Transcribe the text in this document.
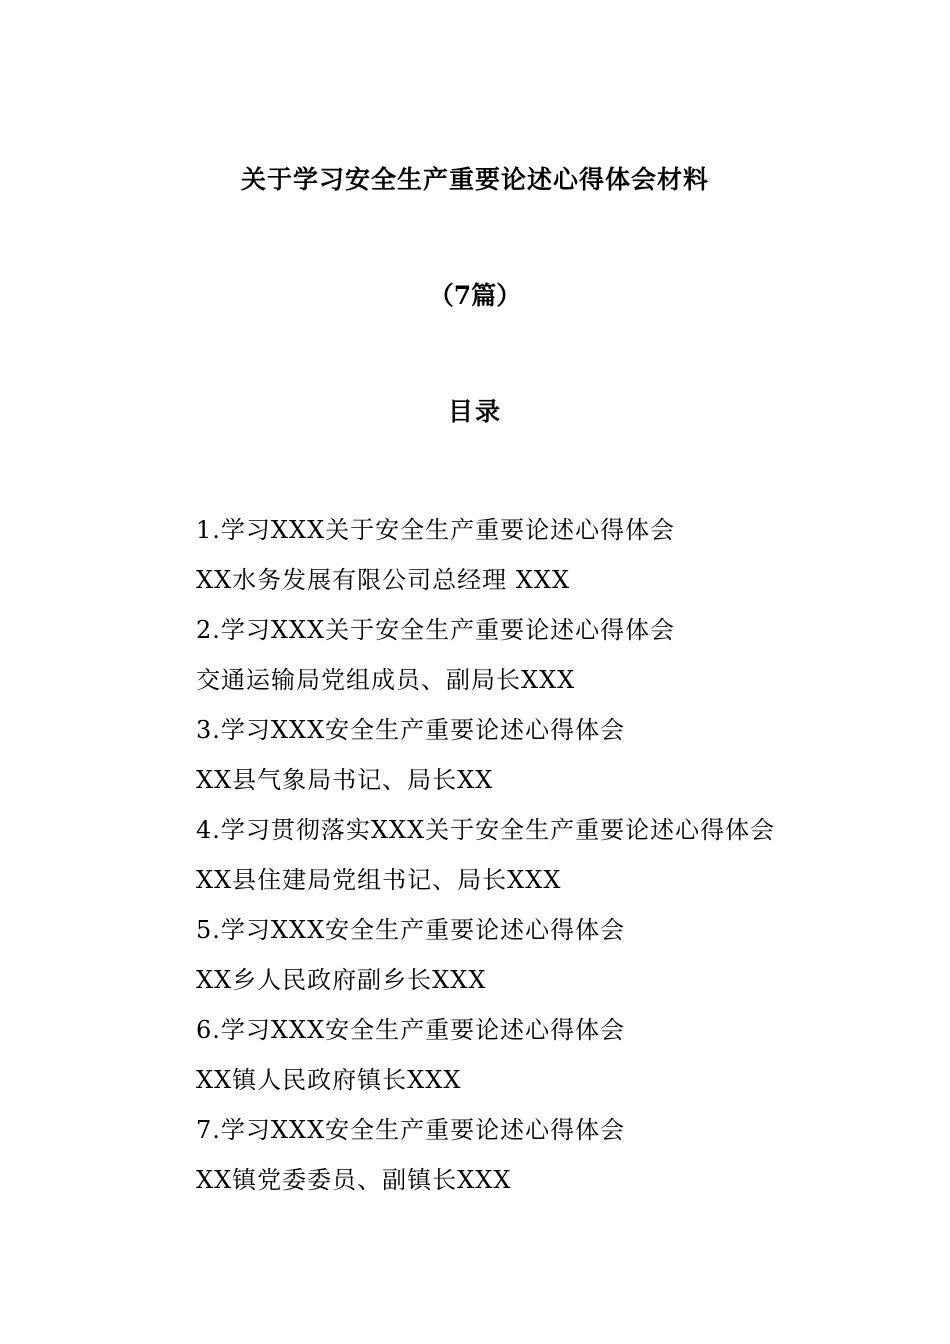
关于学习安全生产重要论述心得体会材料
（7篇）
目录
1.学习XXX关于安全生产重要论述心得体会
XX水务发展有限公司总经理 XXX
2.学习XXX关于安全生产重要论述心得体会
交通运输局党组成员、副局长XXX
3.学习XXX安全生产重要论述心得体会
XX县气象局书记、局长XX
4.学习贯彻落实XXX关于安全生产重要论述心得体会
XX县住建局党组书记、局长XXX
5.学习XXX安全生产重要论述心得体会
XX乡人民政府副乡长XXX
6.学习XXX安全生产重要论述心得体会
XX镇人民政府镇长XXX
7.学习XXX安全生产重要论述心得体会
XX镇党委委员、副镇长XXX
